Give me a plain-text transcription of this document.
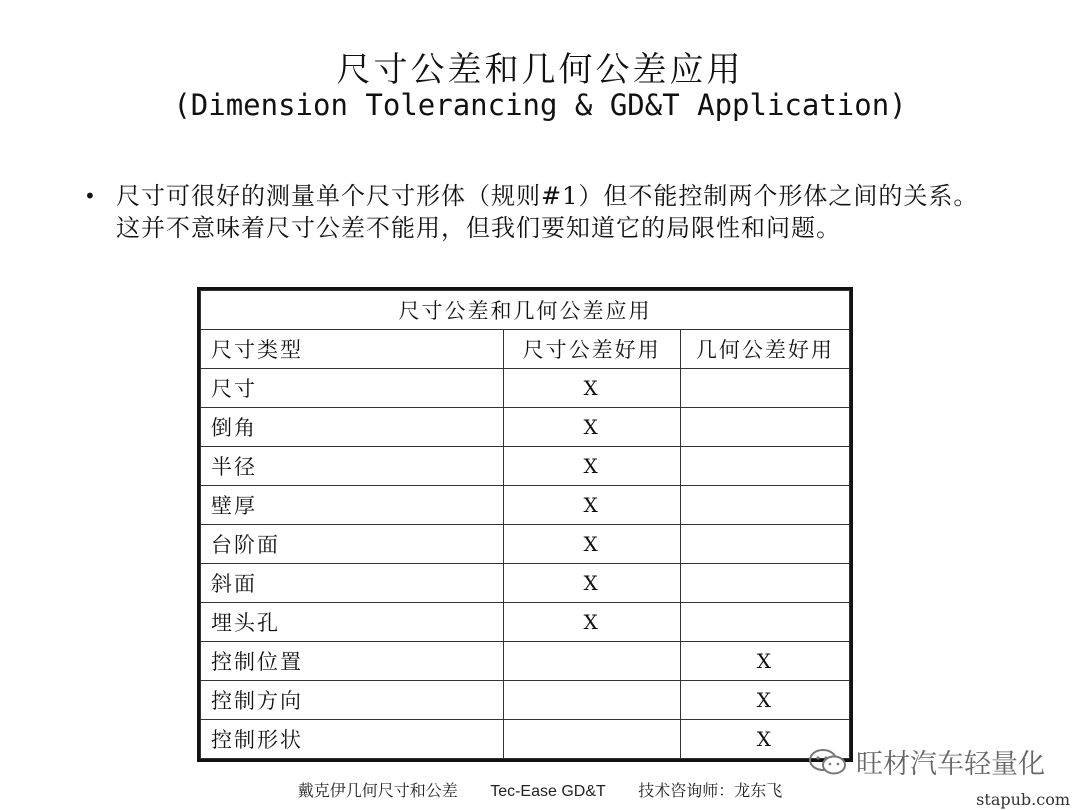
尺寸公差和几何公差应用
(Dimension Tolerancing & GD&T Application)
• 尺寸可很好的测量单个尺寸形体（规则#1）但不能控制两个形体之间的关系。这并不意味着尺寸公差不能用，但我们要知道它的局限性和问题。
尺寸公差和几何公差应用		
尺寸类型	尺寸公差好用	几何公差好用
尺寸	X	
倒角	X	
半径	X	
壁厚	X	
台阶面	X	
斜面	X	
埋头孔	X	
控制位置		X
控制方向		X
控制形状		X
戴克伊几何尺寸和公差 Tec-Ease GD&T 技术咨询师：龙东飞
旺材汽车轻量化
stapub.com
